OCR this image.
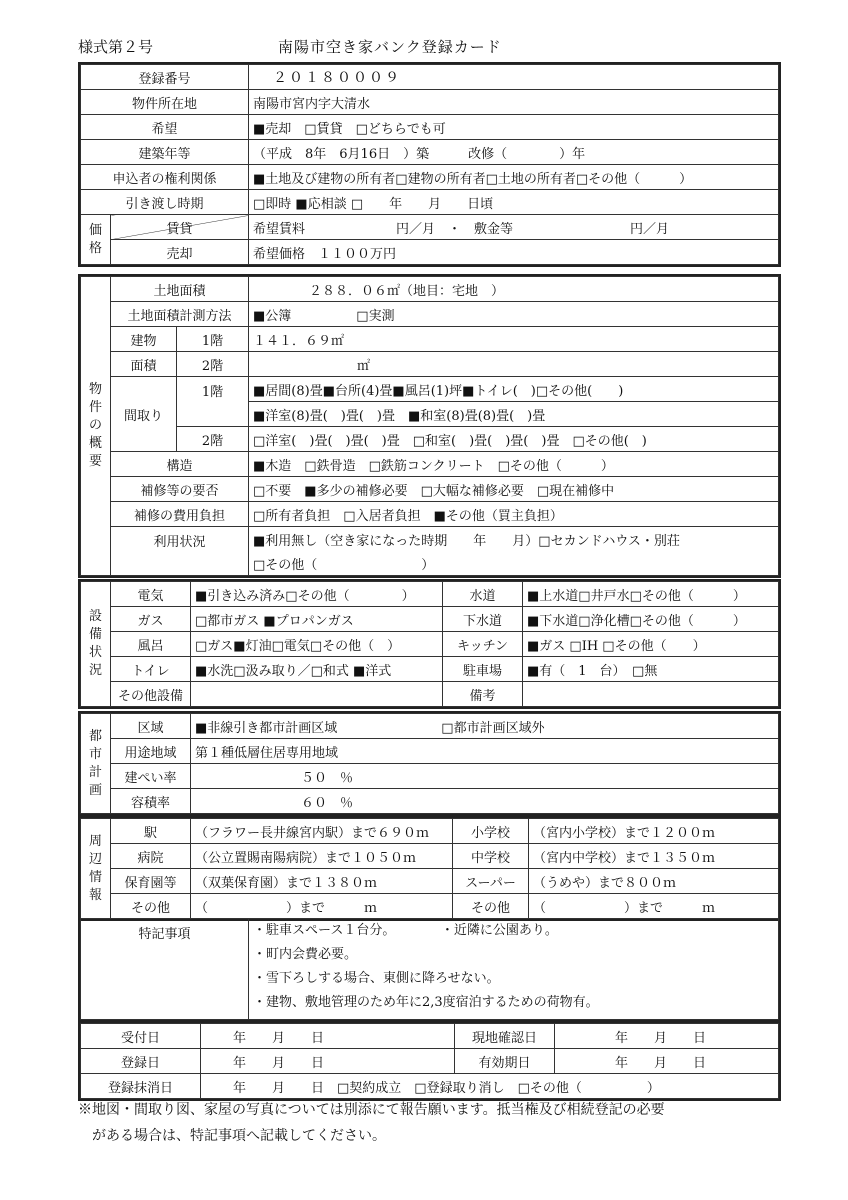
様式第２号	南陽市空き家バンク登録カード
登録番号		２０１８０００９
物件所在地		南陽市宮内字大清水
希望		■売却　□賃貸　□どちらでも可
建築年等		（平成　8年　6月16日　）築　　　改修（　　　　）年
申込者の権利関係		■土地及び建物の所有者□建物の所有者□土地の所有者□その他（　　　）
引き渡し時期		□即時 ■応相談 □　　年　　月　　日頃
価格	賃貸	希望賃料　　　　　　　円／月　・　敷金等　　　　　　　　　円／月
	売却	希望価格　１１００万円
物件の概要	土地面積		２８８．０６㎡（地目：宅地　）
	土地面積計測方法		■公簿　　　　　□実測
	建物	1階	１４１．６９㎡
	面積	2階	　　　　　　　　㎡
	間取り	1階	■居間(8)畳■台所(4)畳■風呂(1)坪■トイレ(　)□その他(　　)
			■洋室(8)畳(　)畳(　)畳　■和室(8)畳(8)畳(　)畳
		2階	□洋室(　)畳(　)畳(　)畳　□和室(　)畳(　)畳(　)畳　□その他(　)
	構造		■木造　□鉄骨造　□鉄筋コンクリート　□その他（　　　）
	補修等の要否		□不要　■多少の補修必要　□大幅な補修必要　□現在補修中
	補修の費用負担		□所有者負担　□入居者負担　■その他（買主負担）
	利用状況		■利用無し（空き家になった時期　　年　　月）□セカンドハウス・別荘
			□その他（　　　　　　　　）
設備状況	電気	■引き込み済み□その他（　　　　）	水道	■上水道□井戸水□その他（　　　）
	ガス	□都市ガス ■プロパンガス	下水道	■下水道□浄化槽□その他（　　　）
	風呂	□ガス■灯油□電気□その他（　）	キッチン	■ガス □IH □その他（　　）
	トイレ	■水洗□汲み取り／□和式 ■洋式	駐車場	■有（　1　台）　□無
	その他設備		備考	
都市計画	区域	■非線引き都市計画区域　　　　　　　　□都市計画区域外
	用途地域	第１種低層住居専用地域
	建ぺい率	５０　％
	容積率	６０　％
周辺情報	駅	（フラワー長井線宮内駅）まで６９０ｍ	小学校	（宮内小学校）まで１２００ｍ
	病院	（公立置賜南陽病院）まで１０５０ｍ	中学校	（宮内中学校）まで１３５０ｍ
	保育園等	（双葉保育園）まで１３８０ｍ	スーパー	（うめや）まで８００ｍ
	その他	（　　　　　　）まで　　　ｍ	その他	（　　　　　　）まで　　　ｍ
特記事項	・駐車スペース１台分。　　　　・近隣に公園あり。
・町内会費必要。
・雪下ろしする場合、東側に降ろせない。
・建物、敷地管理のため年に2,3度宿泊するための荷物有。
受付日	年　　月　　日	現地確認日	年　　月　　日
登録日	年　　月　　日	有効期日	年　　月　　日
登録抹消日	年　　月　　日　□契約成立　□登録取り消し　□その他（　　　　　）		
※地図・間取り図、家屋の写真については別添にて報告願います。抵当権及び相続登記の必要
　がある場合は、特記事項へ記載してください。
